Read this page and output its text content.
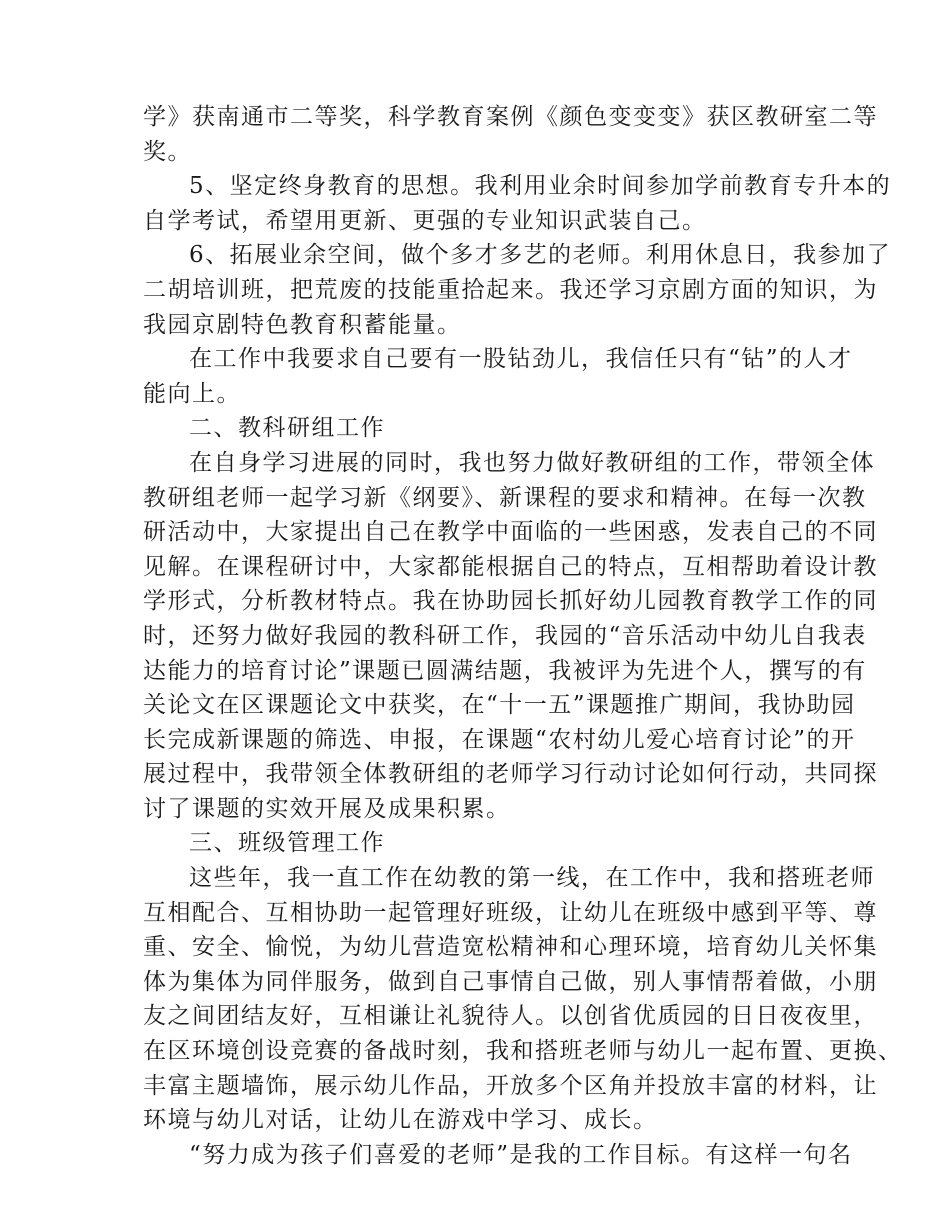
学》获南通市二等奖，科学教育案例《颜色变变变》获区教研室二等
奖。
5、坚定终身教育的思想。我利用业余时间参加学前教育专升本的
自学考试，希望用更新、更强的专业知识武装自己。
6、拓展业余空间，做个多才多艺的老师。利用休息日，我参加了
二胡培训班，把荒废的技能重拾起来。我还学习京剧方面的知识，为
我园京剧特色教育积蓄能量。
在工作中我要求自己要有一股钻劲儿，我信任只有“钻”的人才
能向上。
二、教科研组工作
在自身学习进展的同时，我也努力做好教研组的工作，带领全体
教研组老师一起学习新《纲要》、新课程的要求和精神。在每一次教
研活动中，大家提出自己在教学中面临的一些困惑，发表自己的不同
见解。在课程研讨中，大家都能根据自己的特点，互相帮助着设计教
学形式，分析教材特点。我在协助园长抓好幼儿园教育教学工作的同
时，还努力做好我园的教科研工作，我园的“音乐活动中幼儿自我表
达能力的培育讨论”课题已圆满结题，我被评为先进个人，撰写的有
关论文在区课题论文中获奖，在“十一五”课题推广期间，我协助园
长完成新课题的筛选、申报，在课题“农村幼儿爱心培育讨论”的开
展过程中，我带领全体教研组的老师学习行动讨论如何行动，共同探
讨了课题的实效开展及成果积累。
三、班级管理工作
这些年，我一直工作在幼教的第一线，在工作中，我和搭班老师
互相配合、互相协助一起管理好班级，让幼儿在班级中感到平等、尊
重、安全、愉悦，为幼儿营造宽松精神和心理环境，培育幼儿关怀集
体为集体为同伴服务，做到自己事情自己做，别人事情帮着做，小朋
友之间团结友好，互相谦让礼貌待人。以创省优质园的日日夜夜里，
在区环境创设竞赛的备战时刻，我和搭班老师与幼儿一起布置、更换、
丰富主题墙饰，展示幼儿作品，开放多个区角并投放丰富的材料，让
环境与幼儿对话，让幼儿在游戏中学习、成长。
“努力成为孩子们喜爱的老师”是我的工作目标。有这样一句名
